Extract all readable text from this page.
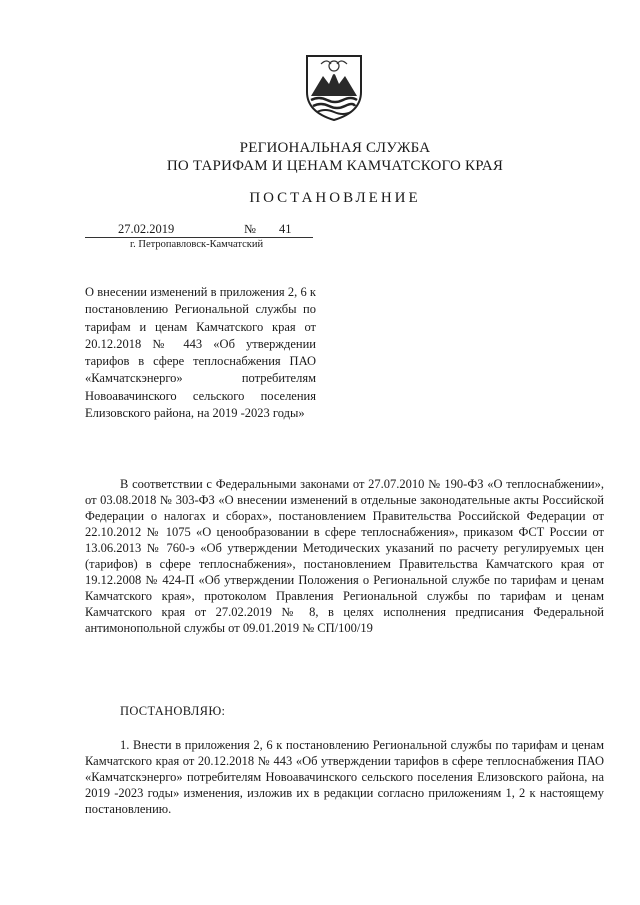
РЕГИОНАЛЬНАЯ СЛУЖБА
ПО ТАРИФАМ И ЦЕНАМ КАМЧАТСКОГО КРАЯ
ПОСТАНОВЛЕНИЕ
27.02.2019	№ 41
г. Петропавловск-Камчатский
О внесении изменений в приложения 2, 6 к постановлению Региональной службы по тарифам и ценам Камчатского края от 20.12.2018 № 443 «Об утверждении тарифов в сфере теплоснабжения ПАО «Камчатскэнерго» потребителям Новоавачинского сельского поселения Елизовского района, на 2019 -2023 годы»
В соответствии с Федеральными законами от 27.07.2010 № 190-ФЗ «О теплоснабжении», от 03.08.2018 № 303-ФЗ «О внесении изменений в отдельные законодательные акты Российской Федерации о налогах и сборах», постановлением Правительства Российской Федерации от 22.10.2012 № 1075 «О ценообразовании в сфере теплоснабжения», приказом ФСТ России от 13.06.2013 № 760-э «Об утверждении Методических указаний по расчету регулируемых цен (тарифов) в сфере теплоснабжения», постановлением Правительства Камчатского края от 19.12.2008 № 424-П «Об утверждении Положения о Региональной службе по тарифам и ценам Камчатского края», протоколом Правления Региональной службы по тарифам и ценам Камчатского края от 27.02.2019 № 8, в целях исполнения предписания Федеральной антимонопольной службы от 09.01.2019 № СП/100/19
ПОСТАНОВЛЯЮ:
1. Внести в приложения 2, 6 к постановлению Региональной службы по тарифам и ценам Камчатского края от 20.12.2018 № 443 «Об утверждении тарифов в сфере теплоснабжения ПАО «Камчатскэнерго» потребителям Новоавачинского сельского поселения Елизовского района, на 2019 -2023 годы» изменения, изложив их в редакции согласно приложениям 1, 2 к настоящему постановлению.
